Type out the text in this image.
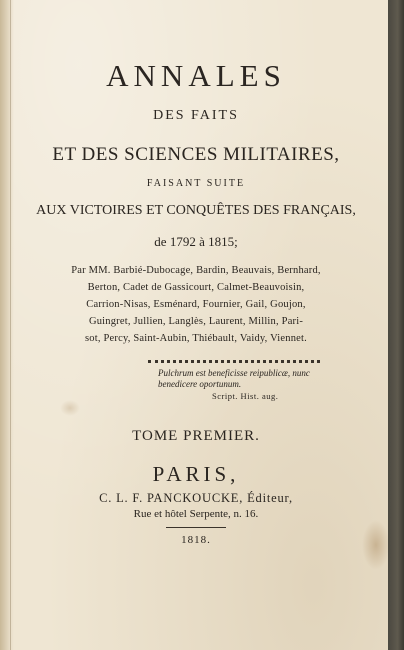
ANNALES
DES FAITS
ET DES SCIENCES MILITAIRES,
FAISANT SUITE
AUX VICTOIRES ET CONQUÊTES DES FRANÇAIS,
de 1792 à 1815;
Par MM. Barbié-Dubocage, Bardin, Beauvais, Bernhard,
Berton, Cadet de Gassicourt, Calmet-Beauvoisin,
Carrion-Nisas, Esménard, Fournier, Gail, Goujon,
Guingret, Jullien, Langlès, Laurent, Millin, Pari-
sot, Percy, Saint-Aubin, Thiébault, Vaidy, Viennet.
Pulchrum est beneficisse reipublicæ, nunc
benedicere oportunum.
Script. Hist. aug.
TOME PREMIER.
PARIS,
C. L. F. PANCKOUCKE, Éditeur,
Rue et hôtel Serpente, n. 16.
1818.
